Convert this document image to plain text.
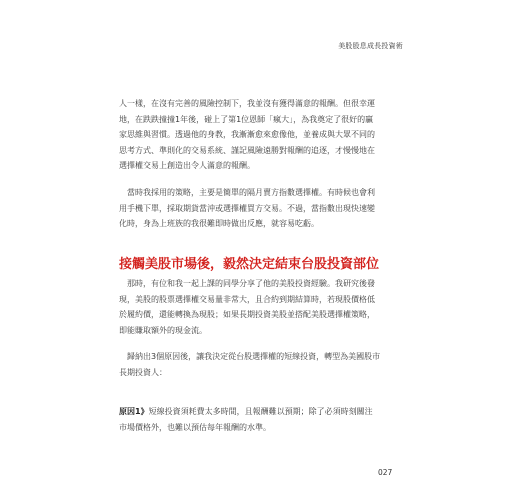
美股股息成長投資術

人一樣，在沒有完善的風險控制下，我並沒有獲得滿意的報酬。但很幸運
地，在跌跌撞撞1年後，碰上了第1位恩師「瘋大」，為我奠定了很好的贏
家思維與習慣。透過他的身教，我漸漸愈來愈像他，並養成與大眾不同的
思考方式、準則化的交易系統、謹記風險遠勝對報酬的追逐，才慢慢地在
選擇權交易上創造出令人滿意的報酬。

　當時我採用的策略，主要是簡單的隔月賣方指數選擇權。有時候也會利
用手機下單，採取期貨當沖或選擇權買方交易。不過，當指數出現快速變
化時，身為上班族的我很難即時做出反應，就容易吃虧。

接觸美股市場後，毅然決定結束台股投資部位

　那時，有位和我一起上課的同學分享了他的美股投資經驗。我研究後發
現，美股的股票選擇權交易量非常大，且合約到期結算時，若現股價格低
於履約價，還能轉換為現股；如果長期投資美股並搭配美股選擇權策略，
即能賺取額外的現金流。

　歸納出3個原因後，讓我決定從台股選擇權的短線投資，轉型為美國股市
長期投資人：

原因1》短線投資須耗費太多時間，且報酬難以預期；除了必須時刻關注
市場價格外，也難以預估每年報酬的水準。

027
